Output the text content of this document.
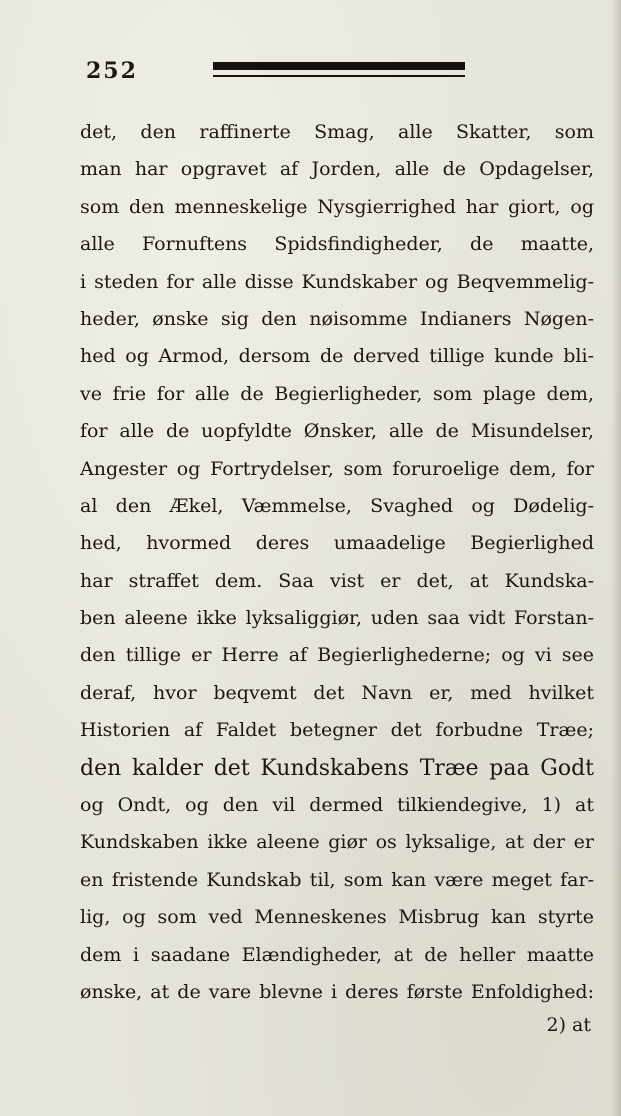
252
det, den raffinerte Smag, alle Skatter, som
man har opgravet af Jorden, alle de Opdagelser,
som den menneskelige Nysgierrighed har giort, og
alle Fornuftens Spidsfindigheder, de maatte,
i steden for alle disse Kundskaber og Beqvemmelig-
heder, ønske sig den nøisomme Indianers Nøgen-
hed og Armod, dersom de derved tillige kunde bli-
ve frie for alle de Begierligheder, som plage dem,
for alle de uopfyldte Ønsker, alle de Misundelser,
Angester og Fortrydelser, som foruroelige dem, for
al den Ækel, Væmmelse, Svaghed og Dødelig-
hed, hvormed deres umaadelige Begierlighed
har straffet dem. Saa vist er det, at Kundska-
ben aleene ikke lyksaliggiør, uden saa vidt Forstan-
den tillige er Herre af Begierlighederne; og vi see
deraf, hvor beqvemt det Navn er, med hvilket
Historien af Faldet betegner det forbudne Træe;
den kalder det Kundskabens Træe paa Godt
og Ondt, og den vil dermed tilkiendegive, 1) at
Kundskaben ikke aleene giør os lyksalige, at der er
en fristende Kundskab til, som kan være meget far-
lig, og som ved Menneskenes Misbrug kan styrte
dem i saadane Elændigheder, at de heller maatte
ønske, at de vare blevne i deres første Enfoldighed:
2) at
